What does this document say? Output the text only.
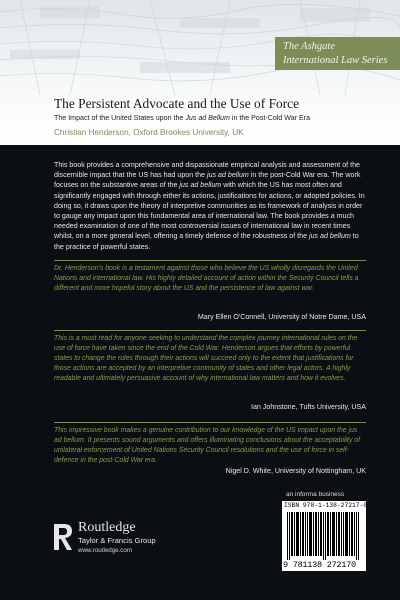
The Ashgate
International Law Series
The Persistent Advocate and the Use of Force
The Impact of the United States upon the Jus ad Bellum in the Post-Cold War Era
Christian Henderson, Oxford Brookes University, UK

This book provides a comprehensive and dispassionate empirical analysis and assessment of the discernible impact that the US has had upon the jus ad bellum in the post-Cold War era. The work focuses on the substantive areas of the jus ad bellum with which the US has most often and significantly engaged with through either its actions, justifications for actions, or adopted policies. In doing so, it draws upon the theory of interpretive communities as its framework of analysis in order to gauge any impact upon this fundamental area of international law. The book provides a much needed examination of one of the most controversial issues of international law in recent times whilst, on a more general level, offering a timely defence of the robustness of the jus ad bellum to the practice of powerful states.

Dr. Henderson's book is a testament against those who believe the US wholly disregards the United Nations and international law. His highly detailed account of action within the Security Council tells a different and more hopeful story about the US and the persistence of law against war.

Mary Ellen O'Connell, University of Notre Dame, USA

This is a must read for anyone seeking to understand the complex journey international rules on the use of force have taken since the end of the Cold War. Henderson argues that efforts by powerful states to change the rules through their actions will succeed only to the extent that justifications for those actions are accepted by an interpretive community of states and other legal actors. A highly readable and ultimately persuasive account of why international law matters and how it evolves.

Ian Johnstone, Tufts University, USA

This impressive book makes a genuine contribution to our knowledge of the US impact upon the jus ad bellum. It presents sound arguments and offers illuminating conclusions about the acceptability of unilateral enforcement of United Nations Security Council resolutions and the use of force in self-defence in the post-Cold War era.

Nigel D. White, University of Nottingham, UK
Routledge
Taylor & Francis Group
www.routledge.com
an informa business
ISBN 978-1-138-27217-0
9 781138 272170
